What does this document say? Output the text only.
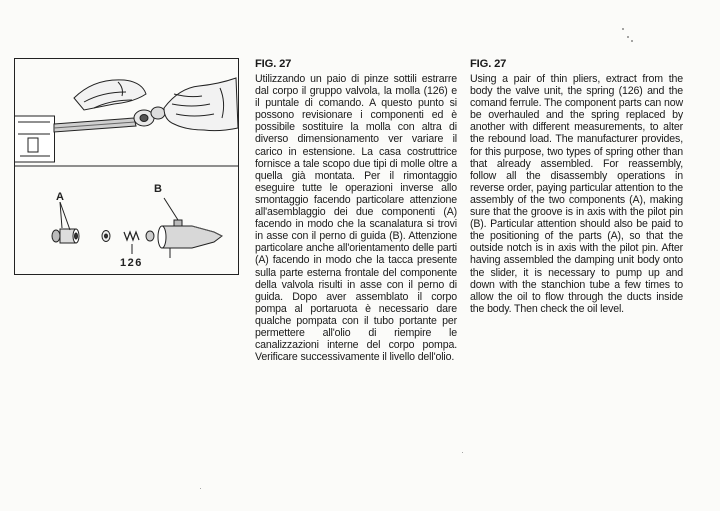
A
B
126

FIG. 27

Utilizzando un paio di pinze sottili estrarre dal corpo il gruppo valvola, la molla (126) e il puntale di comando. A questo punto si possono revisionare i componenti ed è possibile sostituire la molla con altra di diverso dimensionamento ver variare il carico in estensione. La casa costruttrice fornisce a tale scopo due tipi di molle oltre a quella già montata. Per il rimontaggio eseguire tutte le operazioni inverse allo smontaggio facendo particolare attenzione all'asemblaggio dei due componenti (A) facendo in modo che la scanalatura si trovi in asse con il perno di guida (B). Attenzione particolare anche all'orientamento delle parti (A) facendo in modo che la tacca presente sulla parte esterna frontale del componente della valvola risulti in asse con il perno di guida. Dopo aver assemblato il corpo pompa al portaruota è necessario dare qualche pompata con il tubo portante per permettere all'olio di riempire le canalizzazioni interne del corpo pompa. Verificare successivamente il livello dell'olio.

FIG. 27

Using a pair of thin pliers, extract from the body the valve unit, the spring (126) and the comand ferrule. The component parts can now be overhauled and the spring replaced by another with different measurements, to alter the rebound load. The manufacturer provides, for this purpose, two types of spring other than that already assembled. For reassembly, follow all the disassembly operations in reverse order, paying particular attention to the assembly of the two components (A), making sure that the groove is in axis with the pilot pin (B). Particular attention should also be paid to the positioning of the parts (A), so that the outside notch is in axis with the pilot pin. After having assembled the damping unit body onto the slider, it is necessary to pump up and down with the stanchion tube a few times to allow the oil to flow through the ducts inside the body. Then check the oil level.
